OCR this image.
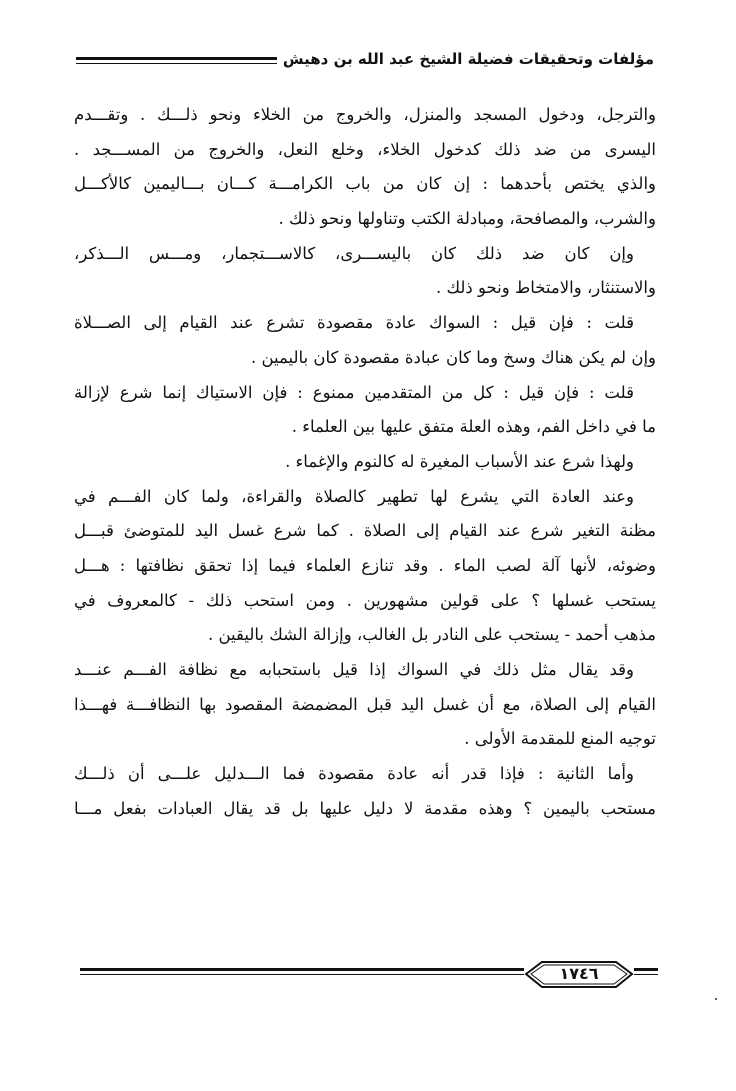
مؤلفات وتحقيقات فضيلة الشيخ عبد الله بن دهيش
والترجل، ودخول المسجد والمنزل، والخروج من الخلاء ونحو ذلـــك . وتقـــدم
اليسرى من ضد ذلك كدخول الخلاء، وخلع النعل، والخروج من المســـجد .
والذي يختص بأحدهما : إن كان من باب الكرامـــة كـــان بـــاليمين كالأكـــل
والشرب، والمصافحة، ومبادلة الكتب وتناولها ونحو ذلك .
وإن كان ضد ذلك كان باليســـرى، كالاســـتجمار، ومـــس الـــذكر،
والاستنثار، والامتخاط ونحو ذلك .
قلت : فإن قيل : السواك عادة مقصودة تشرع عند القيام إلى الصـــلاة
وإن لم يكن هناك وسخ وما كان عبادة مقصودة كان باليمين .
قلت : فإن قيل : كل من المتقدمين ممنوع : فإن الاستياك إنما شرع لإزالة
ما في داخل الفم، وهذه العلة متفق عليها بين العلماء .
ولهذا شرع عند الأسباب المغيرة له كالنوم والإغماء .
وعند العادة التي يشرع لها تطهير كالصلاة والقراءة، ولما كان الفـــم في
مظنة التغير شرع عند القيام إلى الصلاة . كما شرع غسل اليد للمتوضئ قبـــل
وضوئه، لأنها آلة لصب الماء . وقد تنازع العلماء فيما إذا تحقق نظافتها : هـــل
يستحب غسلها ؟ على قولين مشهورين . ومن استحب ذلك - كالمعروف في
مذهب أحمد - يستحب على النادر بل الغالب، وإزالة الشك باليقين .
وقد يقال مثل ذلك في السواك إذا قيل باستحبابه مع نظافة الفـــم عنـــد
القيام إلى الصلاة، مع أن غسل اليد قبل المضمضة المقصود بها النظافـــة فهـــذا
توجيه المنع للمقدمة الأولى .
وأما الثانية : فإذا قدر أنه عادة مقصودة فما الـــدليل علـــى أن ذلـــك
مستحب باليمين ؟ وهذه مقدمة لا دليل عليها بل قد يقال العبادات بفعل مـــا
١٧٤٦
